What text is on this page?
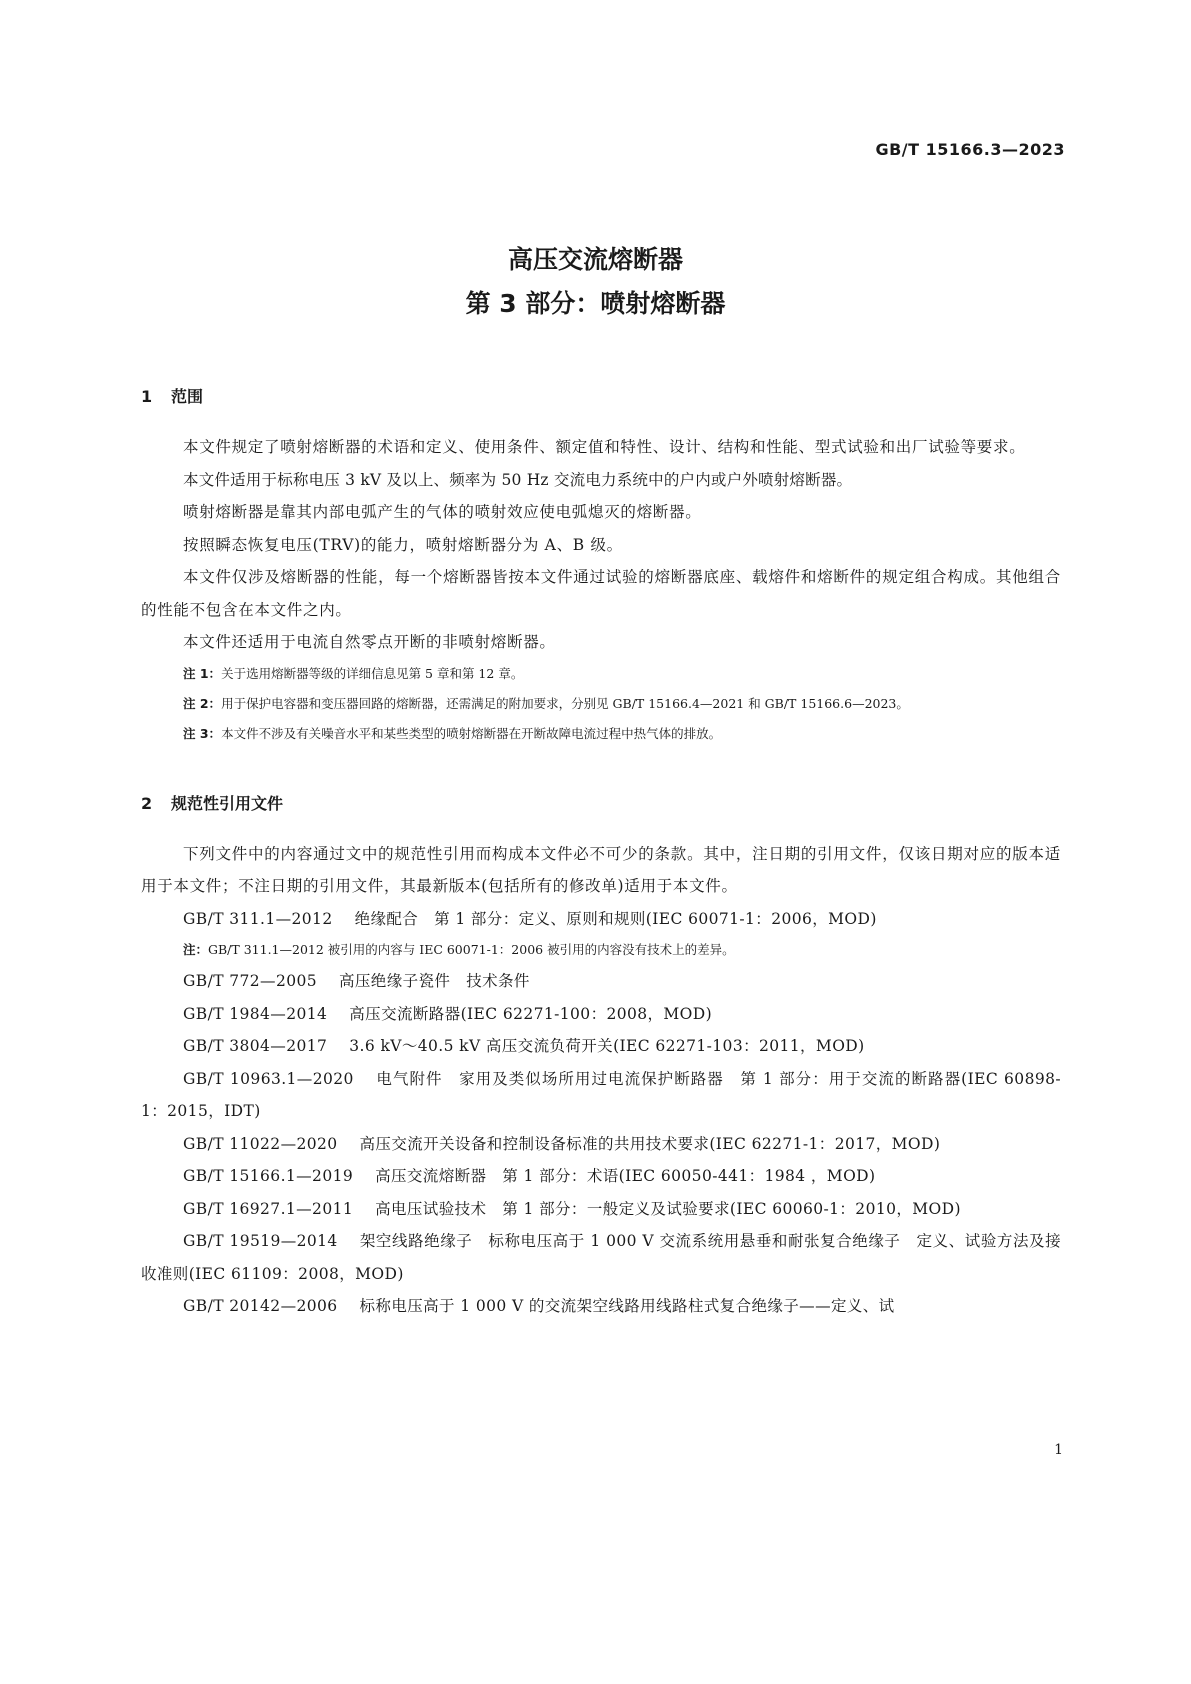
GB/T 15166.3—2023
高压交流熔断器
第 3 部分：喷射熔断器
1 范围

本文件规定了喷射熔断器的术语和定义、使用条件、额定值和特性、设计、结构和性能、型式试验和出厂试验等要求。

本文件适用于标称电压 3 kV 及以上、频率为 50 Hz 交流电力系统中的户内或户外喷射熔断器。

喷射熔断器是靠其内部电弧产生的气体的喷射效应使电弧熄灭的熔断器。

按照瞬态恢复电压(TRV)的能力，喷射熔断器分为 A、B 级。

本文件仅涉及熔断器的性能，每一个熔断器皆按本文件通过试验的熔断器底座、载熔件和熔断件的规定组合构成。其他组合的性能不包含在本文件之内。

本文件还适用于电流自然零点开断的非喷射熔断器。

注 1：关于选用熔断器等级的详细信息见第 5 章和第 12 章。

注 2：用于保护电容器和变压器回路的熔断器，还需满足的附加要求，分别见 GB/T 15166.4—2021 和 GB/T 15166.6—2023。

注 3：本文件不涉及有关噪音水平和某些类型的喷射熔断器在开断故障电流过程中热气体的排放。

2 规范性引用文件

下列文件中的内容通过文中的规范性引用而构成本文件必不可少的条款。其中，注日期的引用文件，仅该日期对应的版本适用于本文件；不注日期的引用文件，其最新版本(包括所有的修改单)适用于本文件。

GB/T 311.1—2012 绝缘配合　第 1 部分：定义、原则和规则(IEC 60071-1：2006，MOD)

注：GB/T 311.1—2012 被引用的内容与 IEC 60071-1：2006 被引用的内容没有技术上的差异。

GB/T 772—2005 高压绝缘子瓷件　技术条件

GB/T 1984—2014 高压交流断路器(IEC 62271-100：2008，MOD)

GB/T 3804—2017 3.6 kV～40.5 kV 高压交流负荷开关(IEC 62271-103：2011，MOD)

GB/T 10963.1—2020 电气附件　家用及类似场所用过电流保护断路器　第 1 部分：用于交流的断路器(IEC 60898-1：2015，IDT)

GB/T 11022—2020 高压交流开关设备和控制设备标准的共用技术要求(IEC 62271-1：2017，MOD)

GB/T 15166.1—2019 高压交流熔断器　第 1 部分：术语(IEC 60050-441：1984 ，MOD)

GB/T 16927.1—2011 高电压试验技术　第 1 部分：一般定义及试验要求(IEC 60060-1：2010，MOD)

GB/T 19519—2014 架空线路绝缘子　标称电压高于 1 000 V 交流系统用悬垂和耐张复合绝缘子　定义、试验方法及接收准则(IEC 61109：2008，MOD)

GB/T 20142—2006 标称电压高于 1 000 V 的交流架空线路用线路柱式复合绝缘子——定义、试

1
